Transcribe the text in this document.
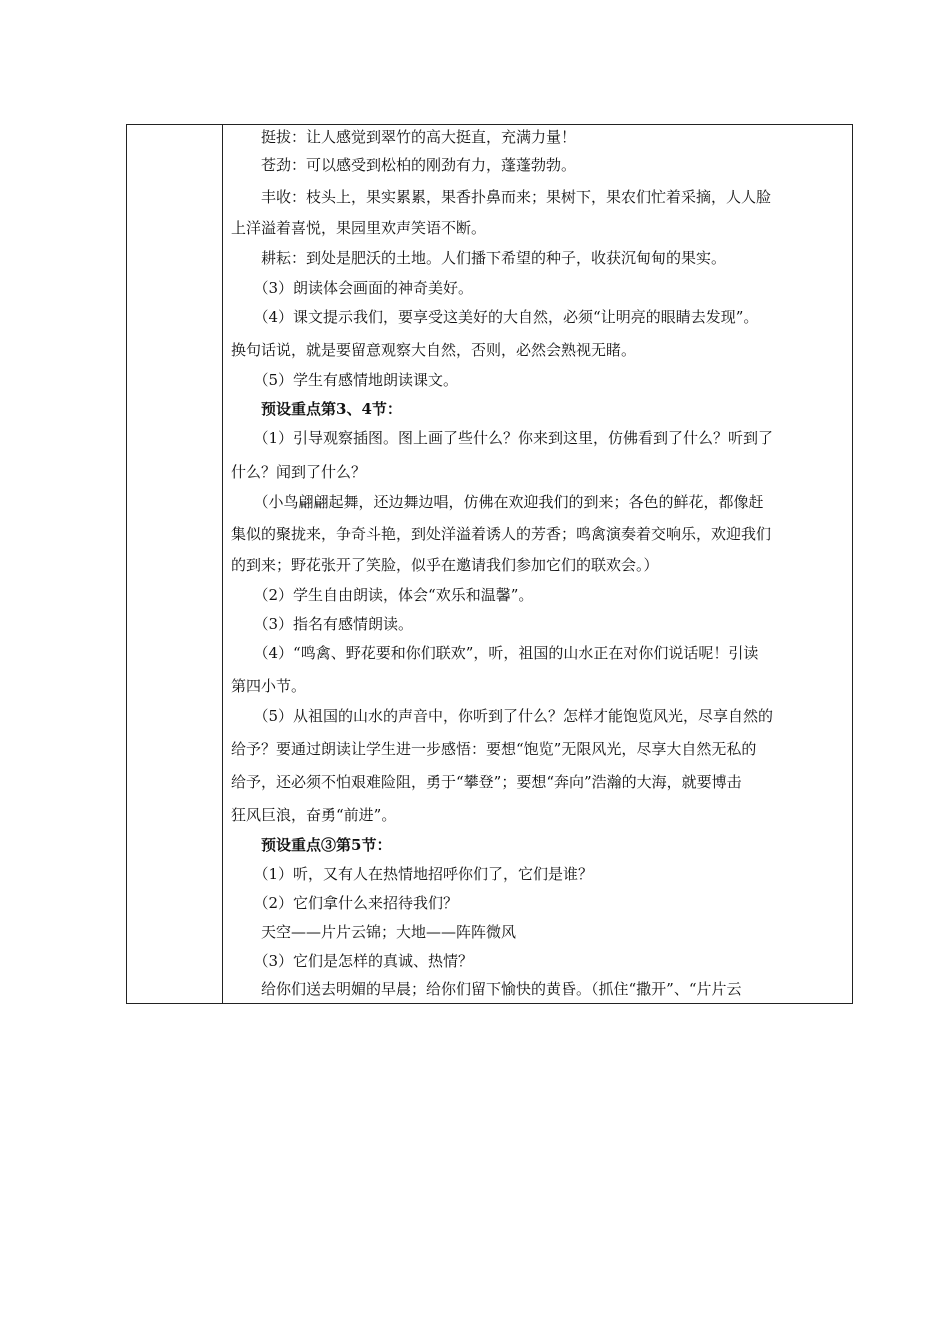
　　挺拔：让人感觉到翠竹的高大挺直，充满力量！
　　苍劲：可以感受到松柏的刚劲有力，蓬蓬勃勃。
　　丰收：枝头上，果实累累，果香扑鼻而来；果树下，果农们忙着采摘，人人脸
上洋溢着喜悦，果园里欢声笑语不断。
　　耕耘：到处是肥沃的土地。人们播下希望的种子，收获沉甸甸的果实。
　　（3）朗读体会画面的神奇美好。
　　（4）课文提示我们，要享受这美好的大自然，必须“让明亮的眼睛去发现”。
换句话说，就是要留意观察大自然，否则，必然会熟视无睹。
　　（5）学生有感情地朗读课文。
　　预设重点第3、4节：
　　（1）引导观察插图。图上画了些什么？你来到这里，仿佛看到了什么？听到了
什么？闻到了什么？
　　（小鸟翩翩起舞，还边舞边唱，仿佛在欢迎我们的到来；各色的鲜花，都像赶
集似的聚拢来，争奇斗艳，到处洋溢着诱人的芳香；鸣禽演奏着交响乐，欢迎我们
的到来；野花张开了笑脸，似乎在邀请我们参加它们的联欢会。）
　　（2）学生自由朗读，体会“欢乐和温馨”。
　　（3）指名有感情朗读。
　　（4）“鸣禽、野花要和你们联欢”，听，祖国的山水正在对你们说话呢！引读
第四小节。
　　（5）从祖国的山水的声音中，你听到了什么？怎样才能饱览风光，尽享自然的
给予？要通过朗读让学生进一步感悟：要想“饱览”无限风光，尽享大自然无私的
给予，还必须不怕艰难险阻，勇于“攀登”；要想“奔向”浩瀚的大海，就要博击
狂风巨浪，奋勇“前进”。
　　预设重点③第5节：
　　（1）听，又有人在热情地招呼你们了，它们是谁？
　　（2）它们拿什么来招待我们？
　　天空——片片云锦；大地——阵阵微风
　　（3）它们是怎样的真诚、热情？
　　给你们送去明媚的早晨；给你们留下愉快的黄昏。（抓住“撒开”、“片片云
